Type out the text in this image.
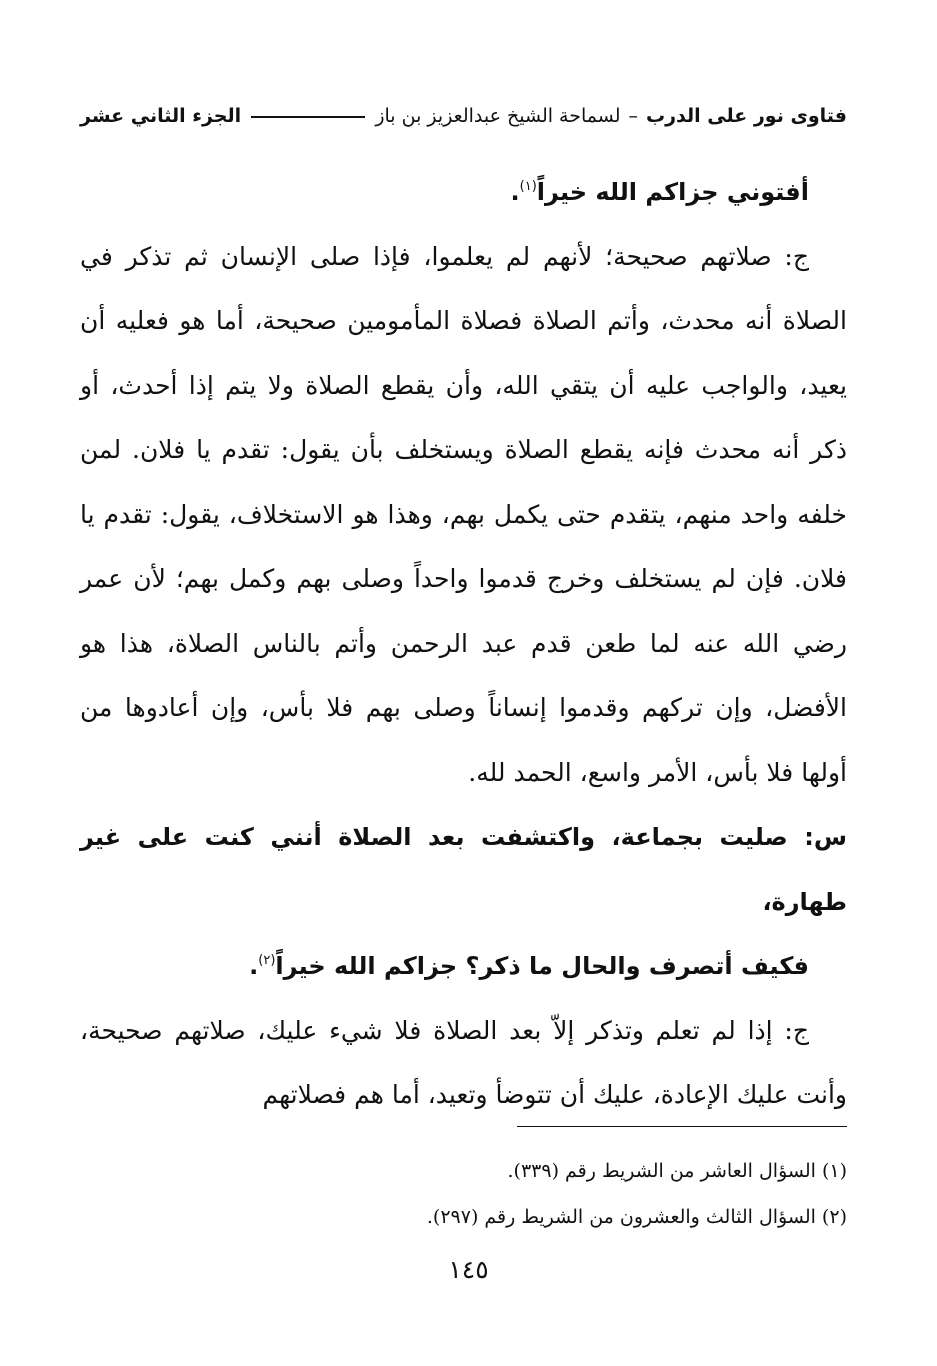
فتاوى نور على الدرب
–
لسماحة الشيخ عبدالعزيز بن باز
الجزء الثاني عشر

أفتوني جزاكم الله خيراً$^{(١)}$.

ج: صلاتهم صحيحة؛ لأنهم لم يعلموا، فإذا صلى الإنسان ثم تذكر في الصلاة أنه محدث، وأتم الصلاة فصلاة المأمومين صحيحة، أما هو فعليه أن يعيد، والواجب عليه أن يتقي الله، وأن يقطع الصلاة ولا يتم إذا أحدث، أو ذكر أنه محدث فإنه يقطع الصلاة ويستخلف بأن يقول: تقدم يا فلان. لمن خلفه واحد منهم، يتقدم حتى يكمل بهم، وهذا هو الاستخلاف، يقول: تقدم يا فلان. فإن لم يستخلف وخرج قدموا واحداً وصلى بهم وكمل بهم؛ لأن عمر رضي الله عنه لما طعن قدم عبد الرحمن وأتم بالناس الصلاة، هذا هو الأفضل، وإن تركهم وقدموا إنساناً وصلى بهم فلا بأس، وإن أعادوها من أولها فلا بأس، الأمر واسع، الحمد لله.

س: صليت بجماعة، واكتشفت بعد الصلاة أنني كنت على غير طهارة،

فكيف أتصرف والحال ما ذكر؟ جزاكم الله خيراً$^{(٢)}$.

ج: إذا لم تعلم وتذكر إلاّ بعد الصلاة فلا شيء عليك، صلاتهم صحيحة، وأنت عليك الإعادة، عليك أن تتوضأ وتعيد، أما هم فصلاتهم

(١) السؤال العاشر من الشريط رقم (٣٣٩).
(٢) السؤال الثالث والعشرون من الشريط رقم (٢٩٧).
١٤٥
